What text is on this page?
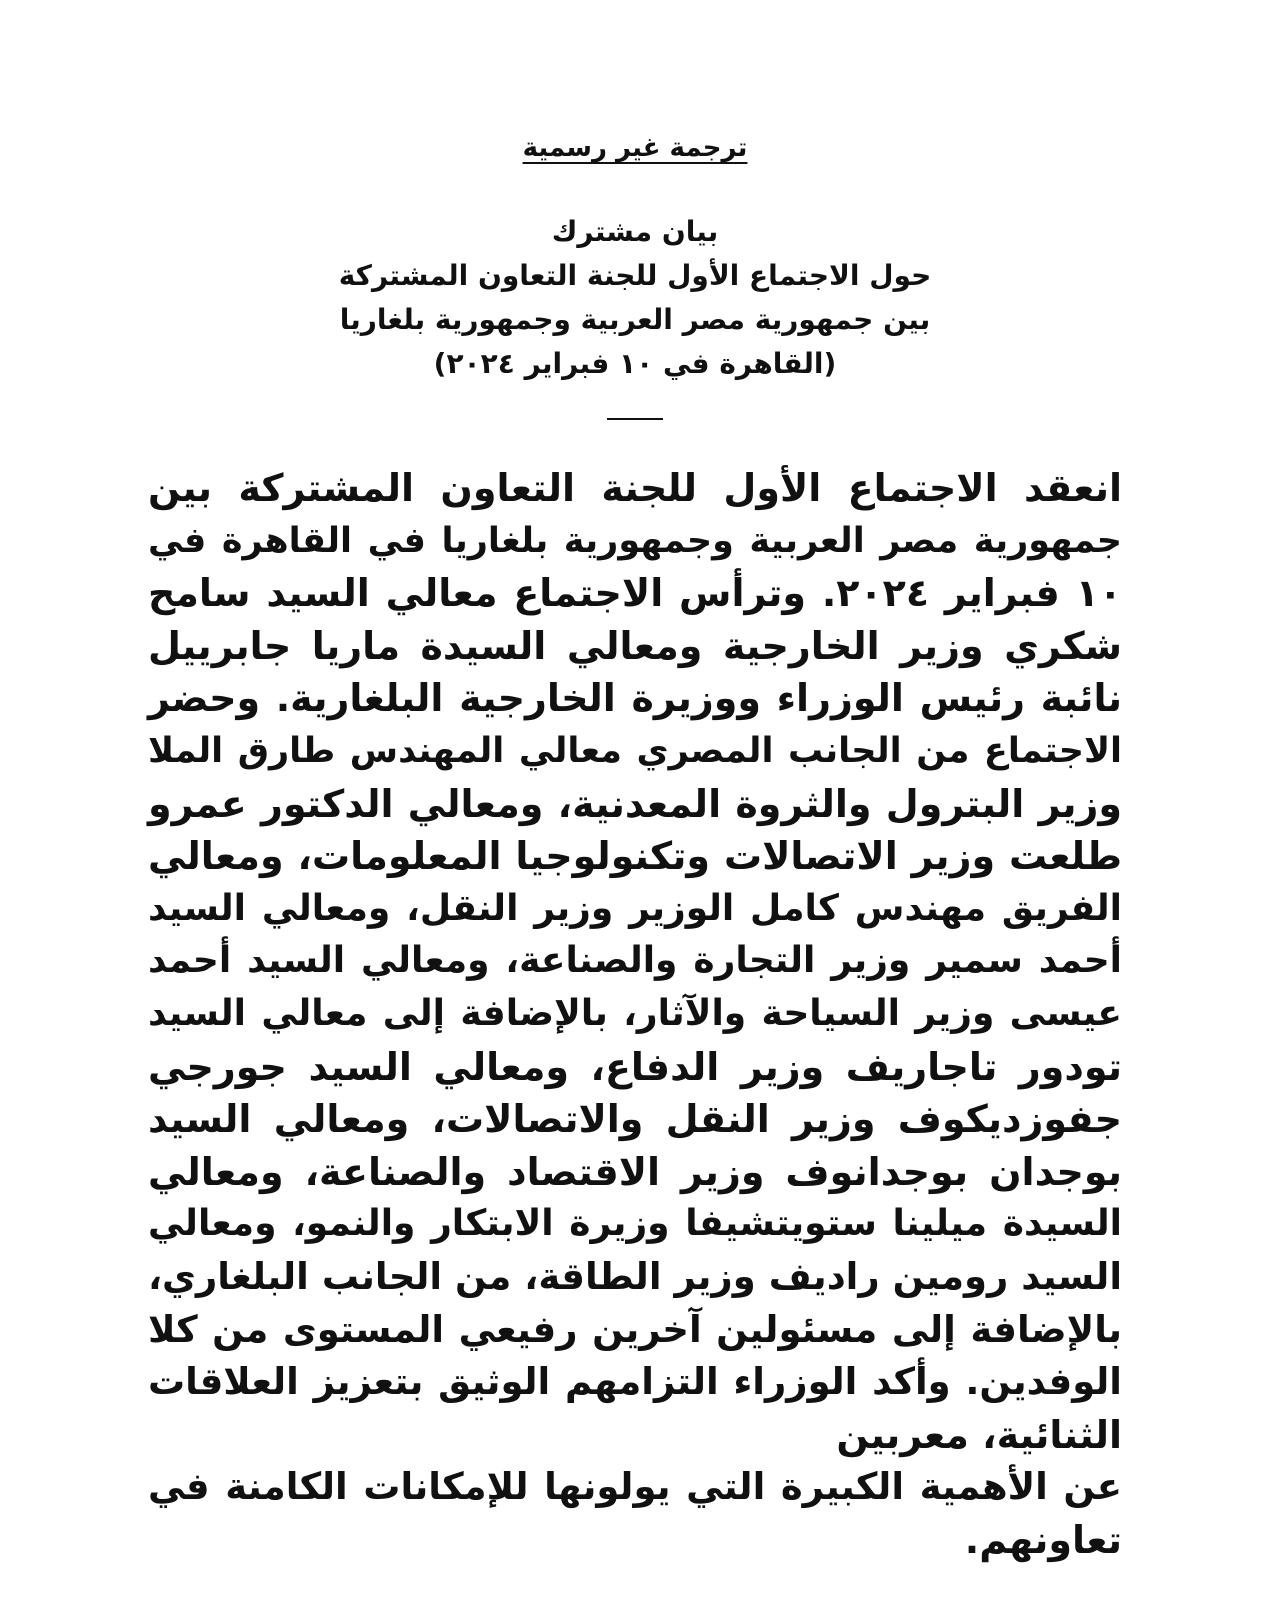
ترجمة غير رسمية
بيان مشترك
حول الاجتماع الأول للجنة التعاون المشتركة
بين جمهورية مصر العربية وجمهورية بلغاريا
(القاهرة في ١٠ فبراير ٢٠٢٤)
انعقد الاجتماع الأول للجنة التعاون المشتركة بين
جمهورية مصر العربية وجمهورية بلغاريا في القاهرة في
١٠ فبراير ٢٠٢٤. وترأس الاجتماع معالي السيد سامح
شكري وزير الخارجية ومعالي السيدة ماريا جابرييل
نائبة رئيس الوزراء ووزيرة الخارجية البلغارية. وحضر
الاجتماع من الجانب المصري معالي المهندس طارق الملا
وزير البترول والثروة المعدنية، ومعالي الدكتور عمرو
طلعت وزير الاتصالات وتكنولوجيا المعلومات، ومعالي
الفريق مهندس كامل الوزير وزير النقل، ومعالي السيد
أحمد سمير وزير التجارة والصناعة، ومعالي السيد أحمد
عيسى وزير السياحة والآثار، بالإضافة إلى معالي السيد
تودور تاجاريف وزير الدفاع، ومعالي السيد جورجي
جفوزديكوف وزير النقل والاتصالات، ومعالي السيد
بوجدان بوجدانوف وزير الاقتصاد والصناعة، ومعالي
السيدة ميلينا ستويتشيفا وزيرة الابتكار والنمو، ومعالي
السيد رومين راديف وزير الطاقة، من الجانب البلغاري،
بالإضافة إلى مسئولين آخرين رفيعي المستوى من كلا
الوفدين. وأكد الوزراء التزامهم الوثيق بتعزيز العلاقات
الثنائية، معربين
عن الأهمية الكبيرة التي يولونها للإمكانات الكامنة في
تعاونهم.
